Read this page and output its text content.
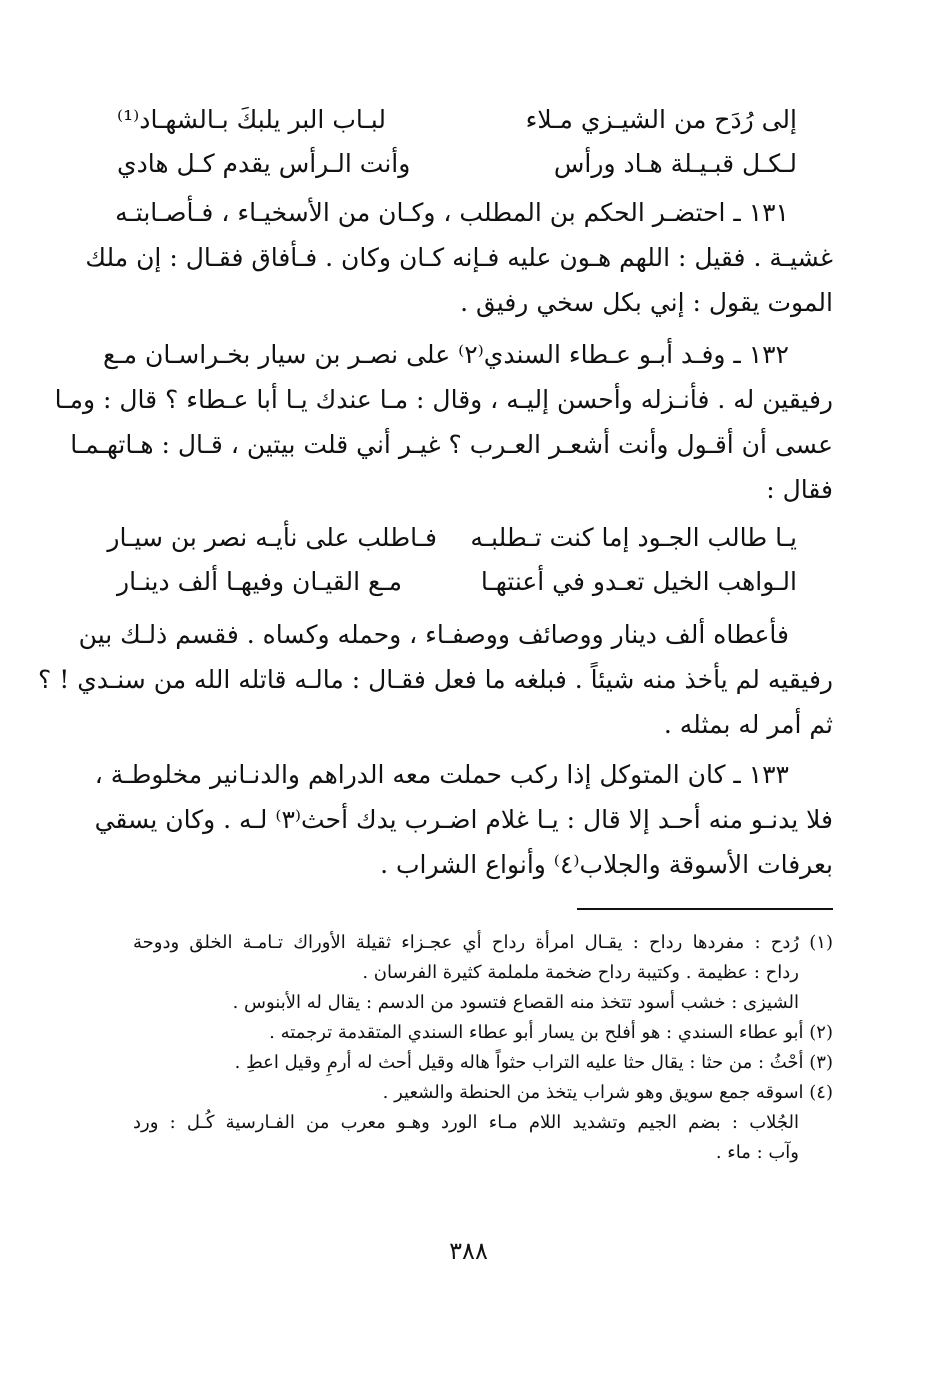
إلى رُدَح من الشيـزي مـلاء
لبـاب البر يلبكَ بـالشهـاد⁽¹⁾
لـكـل قبـيـلة هـاد ورأس
وأنت الـرأس يقدم كـل هادي
١٣١ ـ احتضـر الحكم بن المطلب ، وكـان من الأسخيـاء ، فـأصـابتـه
غشيـة . فقيل : اللهم هـون عليه فـإنه كـان وكان . فـأفاق فقـال : إن ملك
الموت يقول : إني بكل سخي رفيق .
١٣٢ ـ وفـد أبـو عـطاء السندي⁽٢⁾ على نصـر بن سيار بخـراسـان مـع
رفيقين له . فأنـزله وأحسن إليـه ، وقال : مـا عندك يـا أبا عـطاء ؟ قال : ومـا
عسى أن أقـول وأنت أشعـر العـرب ؟ غيـر أني قلت بيتين ، قـال : هـاتهـمـا
فقال :
يـا طالب الجـود إما كنت تـطلبـه
فـاطلب على نأيـه نصر بن سيـار
الـواهب الخيل تعـدو في أعنتهـا
مـع القيـان وفيهـا ألف دينـار
فأعطاه ألف دينار ووصائف ووصفـاء ، وحمله وكساه . فقسم ذلـك بين
رفيقيه لم يأخذ منه شيئاً . فبلغه ما فعل فقـال : مالـه قاتله الله من سنـدي ! ؟
ثم أمر له بمثله .
١٣٣ ـ كان المتوكل إذا ركب حملت معه الدراهم والدنـانير مخلوطـة ،
فلا يدنـو منه أحـد إلا قال : يـا غلام اضـرب يدك أحث⁽٣⁾ لـه . وكان يسقي
بعرفات الأسوقة والجلاب⁽٤⁾ وأنواع الشراب .
(١) رُدح : مفردها رداح : يقـال امرأة رداح أي عجـزاء ثقيلة الأوراك تـامـة الخلق ودوحة
رداح : عظيمة . وكتيبة رداح ضخمة ململمة كثيرة الفرسان .
الشيزى : خشب أسود تتخذ منه القصاع فتسود من الدسم : يقال له الأبنوس .
(٢) أبو عطاء السندي : هو أفلح بن يسار أبو عطاء السندي المتقدمة ترجمته .
(٣) أحْثُ : من حثا : يقال حثا عليه التراب حثواً هاله وقيل أحث له أرمِ وقيل اعطِ .
(٤) اسوقه جمع سويق وهو شراب يتخذ من الحنطة والشعير .
الجُلاب : بضم الجيم وتشديد اللام مـاء الورد وهـو معرب من الفـارسية كُـل : ورد
وآب : ماء .
٣٨٨
